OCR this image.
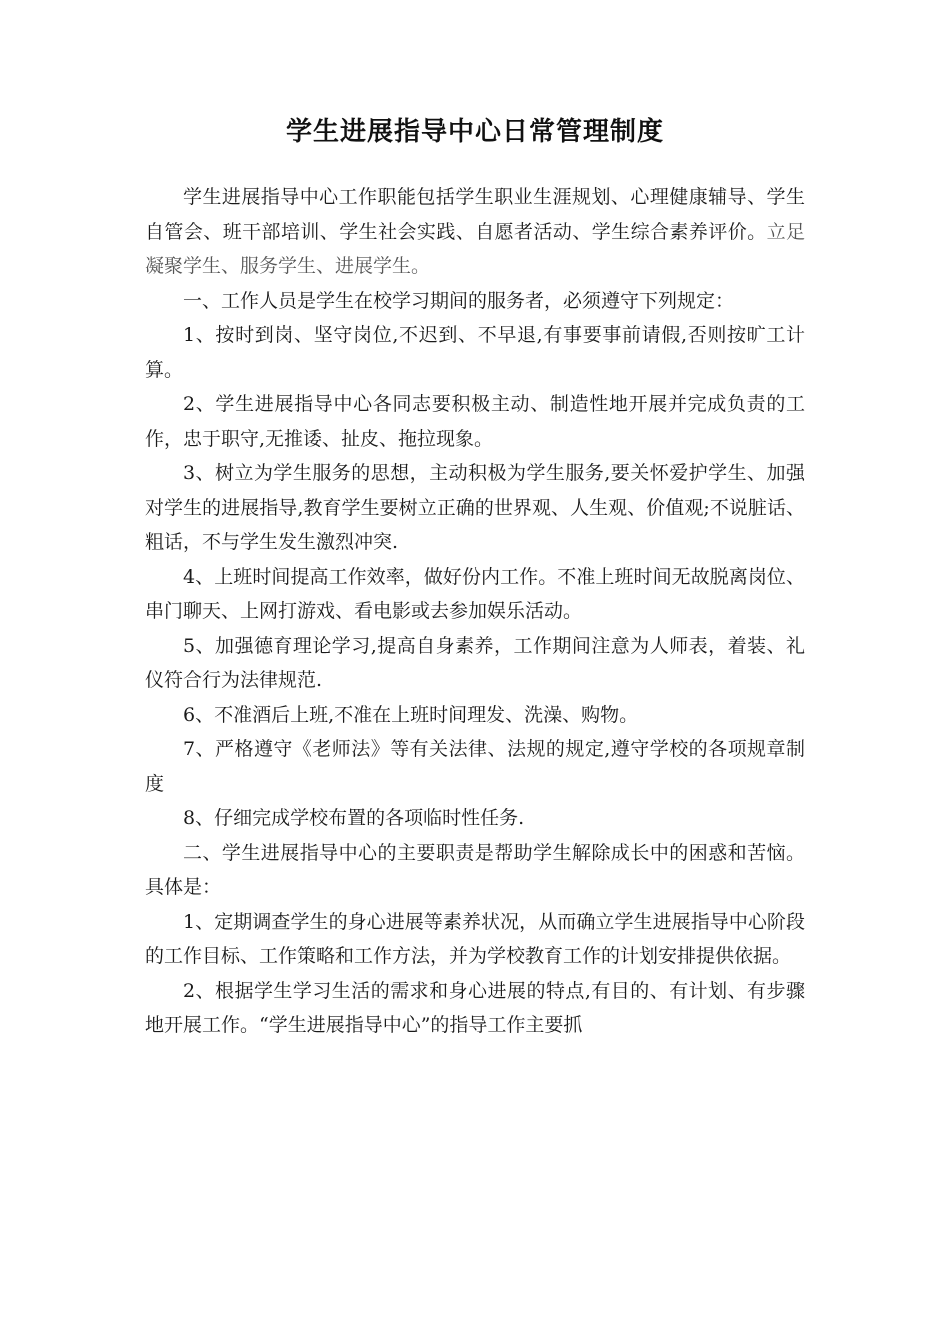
学生进展指导中心日常管理制度

学生进展指导中心工作职能包括学生职业生涯规划、心理健康辅导、学生自管会、班干部培训、学生社会实践、自愿者活动、学生综合素养评价。立足凝聚学生、服务学生、进展学生。

一、工作人员是学生在校学习期间的服务者，必须遵守下列规定：

1、按时到岗、坚守岗位,不迟到、不早退,有事要事前请假,否则按旷工计算。

2、学生进展指导中心各同志要积极主动、制造性地开展并完成负责的工作，忠于职守,无推诿、扯皮、拖拉现象。

3、树立为学生服务的思想，主动积极为学生服务,要关怀爱护学生、加强对学生的进展指导,教育学生要树立正确的世界观、人生观、价值观;不说脏话、粗话，不与学生发生激烈冲突.

4、上班时间提高工作效率，做好份内工作。不准上班时间无故脱离岗位、串门聊天、上网打游戏、看电影或去参加娱乐活动。

5、加强德育理论学习,提高自身素养，工作期间注意为人师表，着装、礼仪符合行为法律规范.

6、不准酒后上班,不准在上班时间理发、洗澡、购物。

7、严格遵守《老师法》等有关法律、法规的规定,遵守学校的各项规章制度

8、仔细完成学校布置的各项临时性任务.

二、学生进展指导中心的主要职责是帮助学生解除成长中的困惑和苦恼。具体是：

1、定期调查学生的身心进展等素养状况，从而确立学生进展指导中心阶段的工作目标、工作策略和工作方法，并为学校教育工作的计划安排提供依据。

2、根据学生学习生活的需求和身心进展的特点,有目的、有计划、有步骤地开展工作。“学生进展指导中心”的指导工作主要抓
